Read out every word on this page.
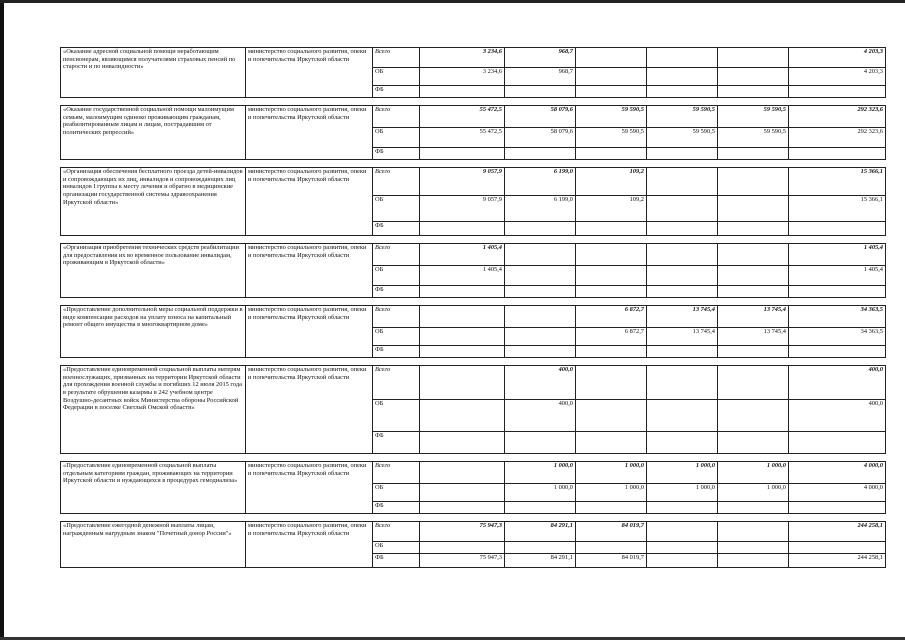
«Оказание адресной социальной помощи неработающим пенсионерам, являющимся получателями страховых пенсий по старости и по инвалидности»	министерство социального развития, опеки и попечительства Иркутской области	Всего	3 234,6	968,7				4 203,3
		ОБ	3 234,6	968,7				4 203,3
		ФБ						

«Оказание государственной социальной помощи малоимущим семьям, малоимущим одиноко проживающим гражданам, реабилитированным лицам и лицам, пострадавшим от политических репрессий»	министерство социального развития, опеки и попечительства Иркутской области	Всего	55 472,5	58 079,6	59 590,5	59 590,5	59 590,5	292 323,6
		ОБ	55 472,5	58 079,6	59 590,5	59 590,5	59 590,5	292 323,6
		ФБ						

«Организация обеспечения бесплатного проезда детей-инвалидов и сопровождающих их лиц, инвалидов и сопровождающих лиц инвалидов I группы к месту лечения и обратно в медицинские организации государственной системы здравоохранения Иркутской области»	министерство социального развития, опеки и попечительства Иркутской области	Всего	9 057,9	6 199,0	109,2			15 366,1
		ОБ	9 057,9	6 199,0	109,2			15 366,1
		ФБ						

«Организация приобретения технических средств реабилитации для предоставления их во временное пользование инвалидам, проживающим в Иркутской области»	министерство социального развития, опеки и попечительства Иркутской области	Всего	1 405,4					1 405,4
		ОБ	1 405,4					1 405,4
		ФБ						

«Предоставление дополнительной меры социальной поддержки в виде компенсации расходов на уплату взноса на капитальный ремонт общего имущества в многоквартирном доме»	министерство социального развития, опеки и попечительства Иркутской области	Всего			6 872,7	13 745,4	13 745,4	34 363,5
		ОБ			6 872,7	13 745,4	13 745,4	34 363,5
		ФБ						

«Предоставление единовременной социальной выплаты матерям военнослужащих, призванных на территории Иркутской области для прохождения военной службы и погибших 12 июля 2015 года в результате обрушения казармы в 242 учебном центре Воздушно-десантных войск Министерства обороны Российской Федерации в поселке Светлый Омской области»	министерство социального развития, опеки и попечительства Иркутской области	Всего		400,0				400,0
		ОБ		400,0				400,0
		ФБ						

«Предоставление единовременной социальной выплаты отдельным категориям граждан, проживающих на территории Иркутской области и нуждающихся в процедурах гемодиализа»	министерство социального развития, опеки и попечительства Иркутской области	Всего		1 000,0	1 000,0	1 000,0	1 000,0	4 000,0
		ОБ		1 000,0	1 000,0	1 000,0	1 000,0	4 000,0
		ФБ						

«Предоставление ежегодной денежной выплаты лицам, награжденным нагрудным знаком "Почетный донор России"»	министерство социального развития, опеки и попечительства Иркутской области	Всего	75 947,3	84 291,1	84 019,7			244 258,1
		ОБ						
		ФБ	75 947,3	84 291,1	84 019,7			244 258,1
